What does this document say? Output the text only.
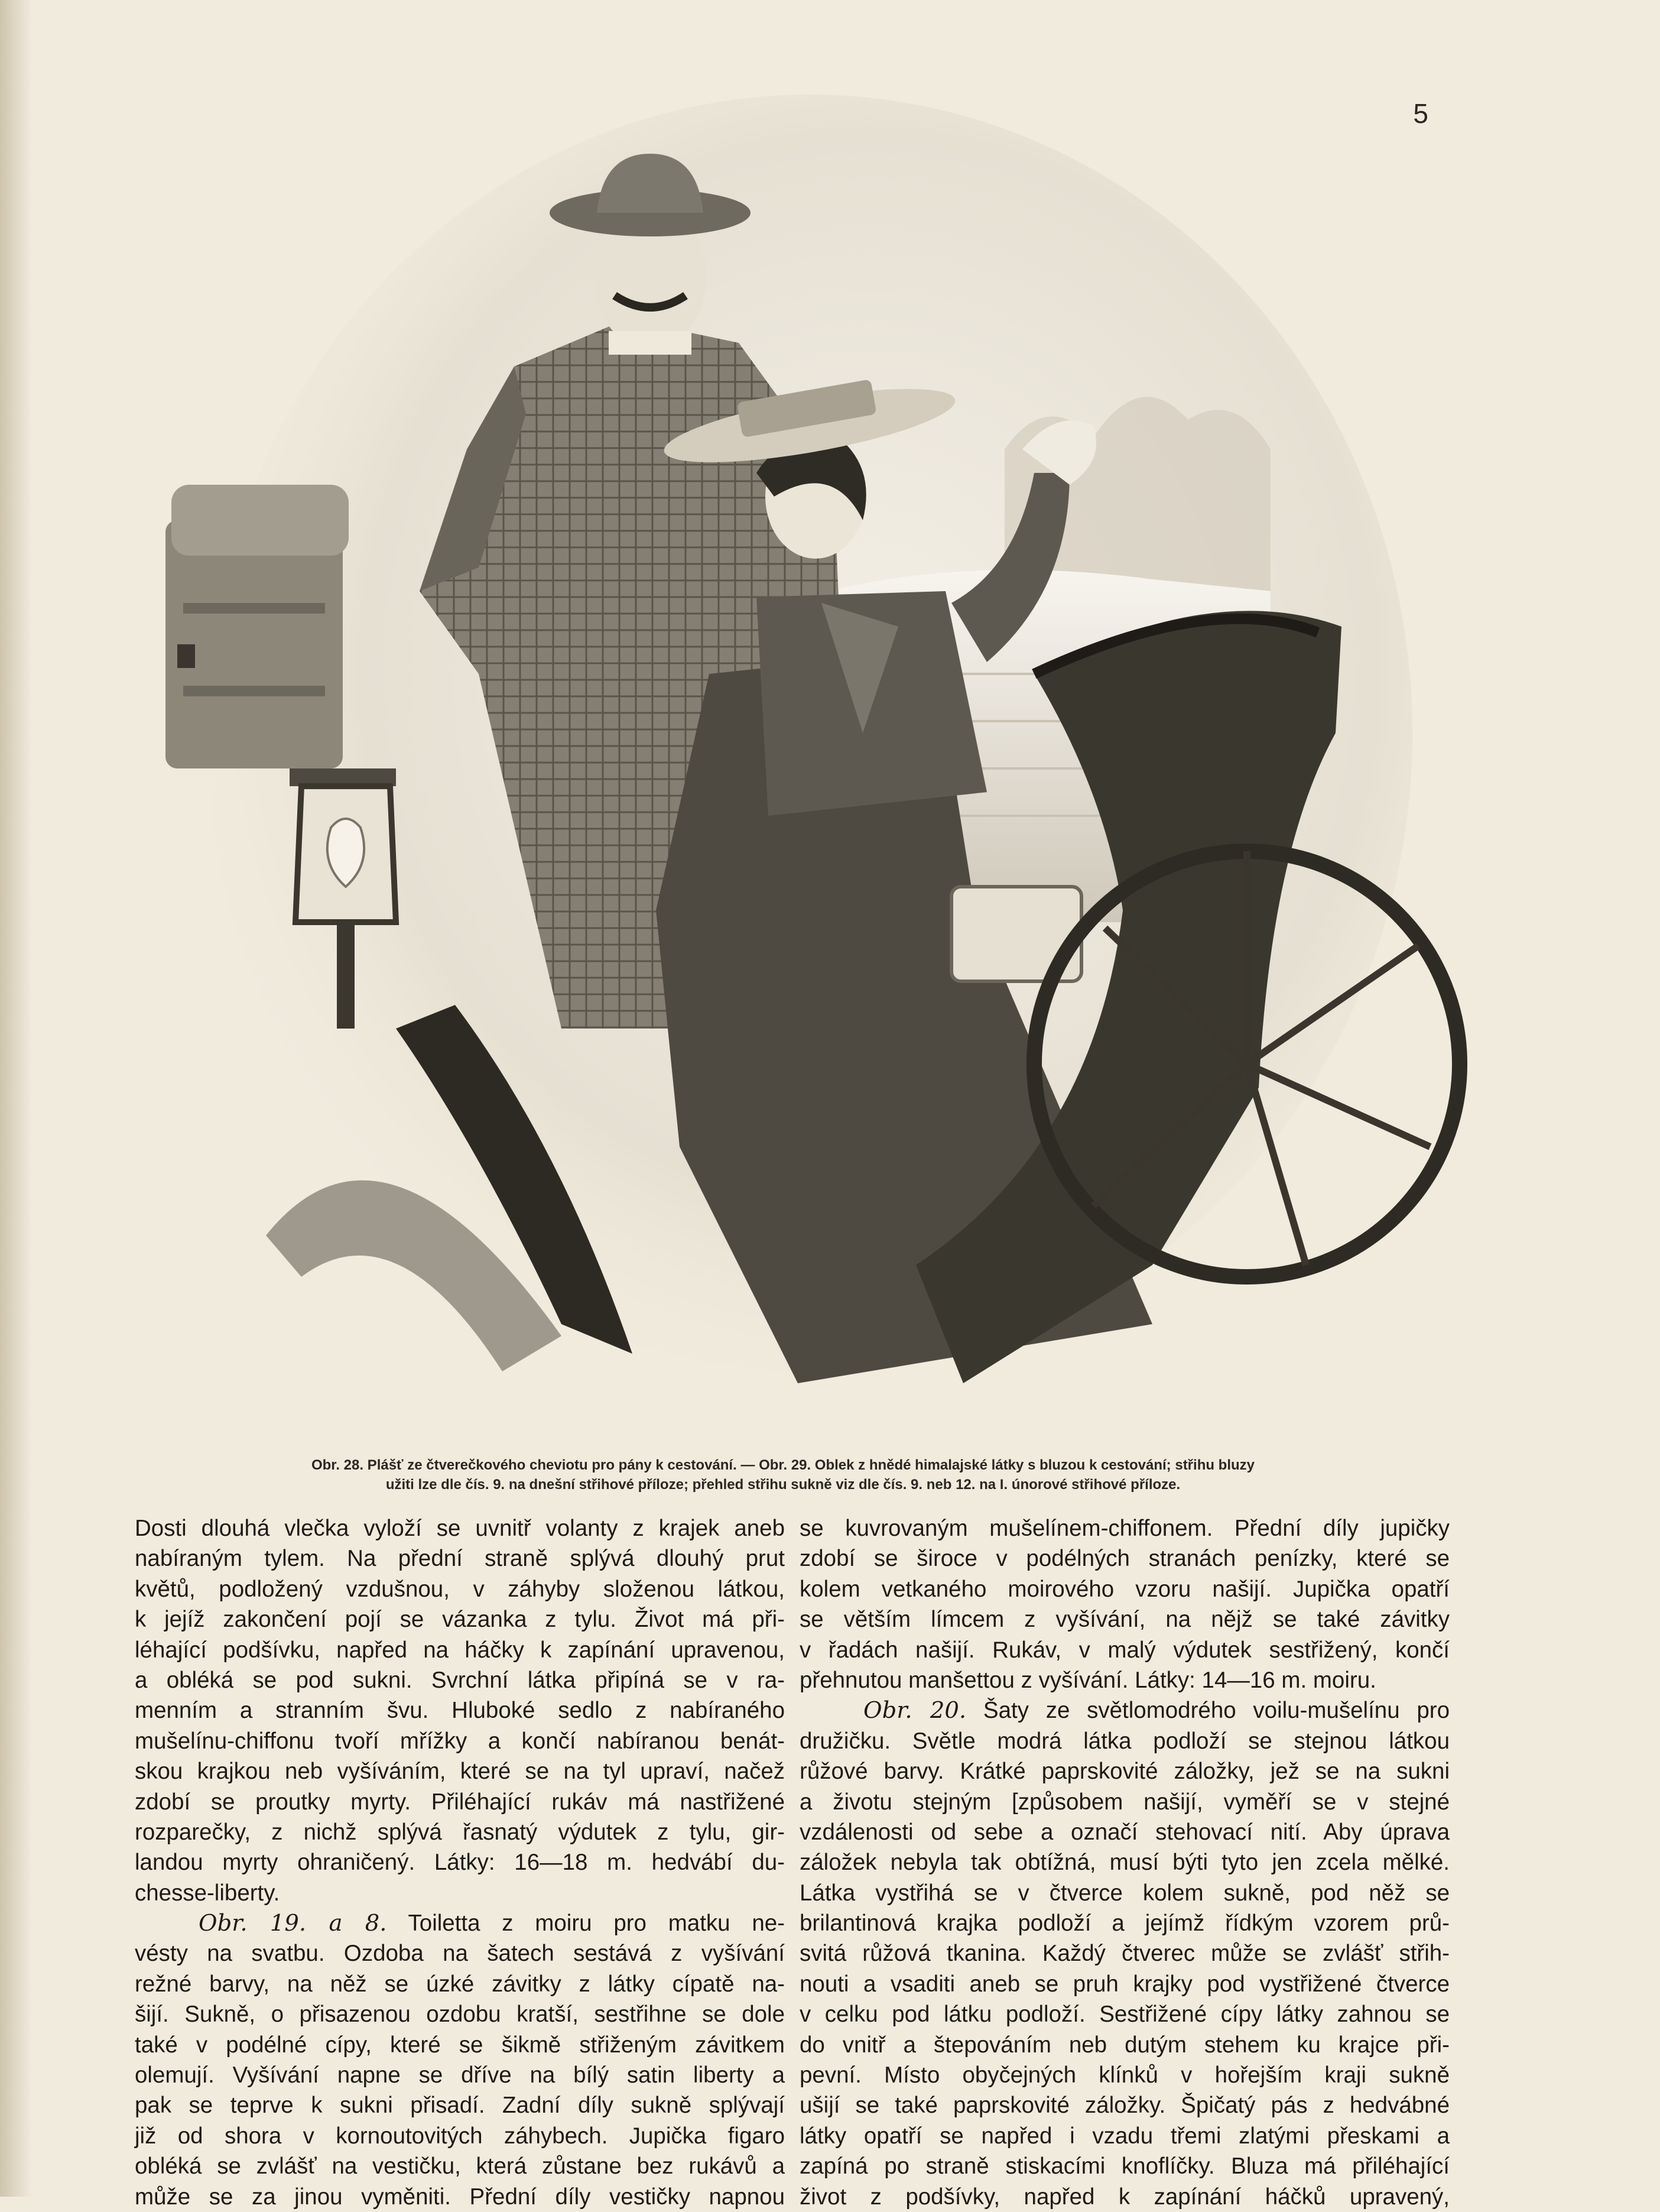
5
Obr. 28. Plášť ze čtverečkového cheviotu pro pány k cestování. — Obr. 29. Oblek z hnědé himalajské látky s bluzou k cestování; střihu bluzy
užiti lze dle čís. 9. na dnešní střihové příloze; přehled střihu sukně viz dle čís. 9. neb 12. na I. únorové střihové příloze.
Dosti dlouhá vlečka vyloží se uvnitř volanty z krajek aneb
nabíraným tylem. Na přední straně splývá dlouhý prut
květů, podložený vzdušnou, v záhyby složenou látkou,
k jejíž zakončení pojí se vázanka z tylu. Život má při-
léhající podšívku, napřed na háčky k zapínání upravenou,
a obléká se pod sukni. Svrchní látka připíná se v ra-
menním a stranním švu. Hluboké sedlo z nabíraného
mušelínu-chiffonu tvoří mřížky a končí nabíranou benát-
skou krajkou neb vyšíváním, které se na tyl upraví, načež
zdobí se proutky myrty. Přiléhající rukáv má nastřižené
rozparečky, z nichž splývá řasnatý výdutek z tylu, gir-
landou myrty ohraničený. Látky: 16—18 m. hedvábí du-
chesse-liberty.
Obr. 19. a 8. Toiletta z moiru pro matku ne-
vésty na svatbu. Ozdoba na šatech sestává z vyšívání
režné barvy, na něž se úzké závitky z látky cípatě na-
šijí. Sukně, o přisazenou ozdobu kratší, sestřihne se dole
také v podélné cípy, které se šikmě střiženým závitkem
olemují. Vyšívání napne se dříve na bílý satin liberty a
pak se teprve k sukni přisadí. Zadní díly sukně splývají
již od shora v kornoutovitých záhybech. Jupička figaro
obléká se zvlášť na vestičku, která zůstane bez rukávů a
může se za jinou vyměniti. Přední díly vestičky napnou
se kuvrovaným mušelínem-chiffonem. Přední díly jupičky
zdobí se široce v podélných stranách penízky, které se
kolem vetkaného moirového vzoru našijí. Jupička opatří
se větším límcem z vyšívání, na nějž se také závitky
v řadách našijí. Rukáv, v malý výdutek sestřižený, končí
přehnutou manšettou z vyšívání. Látky: 14—16 m. moiru.
Obr. 20. Šaty ze světlomodrého voilu-mušelínu pro
družičku. Světle modrá látka podloží se stejnou látkou
růžové barvy. Krátké paprskovité záložky, jež se na sukni
a životu stejným [způsobem našijí, vyměří se v stejné
vzdálenosti od sebe a označí stehovací nití. Aby úprava
záložek nebyla tak obtížná, musí býti tyto jen zcela mělké.
Látka vystřihá se v čtverce kolem sukně, pod něž se
brilantinová krajka podloží a jejímž řídkým vzorem prů-
svitá růžová tkanina. Každý čtverec může se zvlášť střih-
nouti a vsaditi aneb se pruh krajky pod vystřižené čtverce
v celku pod látku podloží. Sestřižené cípy látky zahnou se
do vnitř a štepováním neb dutým stehem ku krajce při-
pevní. Místo obyčejných klínků v hořejším kraji sukně
ušijí se také paprskovité záložky. Špičatý pás z hedvábné
látky opatří se napřed i vzadu třemi zlatými přeskami a
zapíná po straně stiskacími knoflíčky. Bluza má přiléhající
život z podšívky, napřed k zapínání háčků upravený,
